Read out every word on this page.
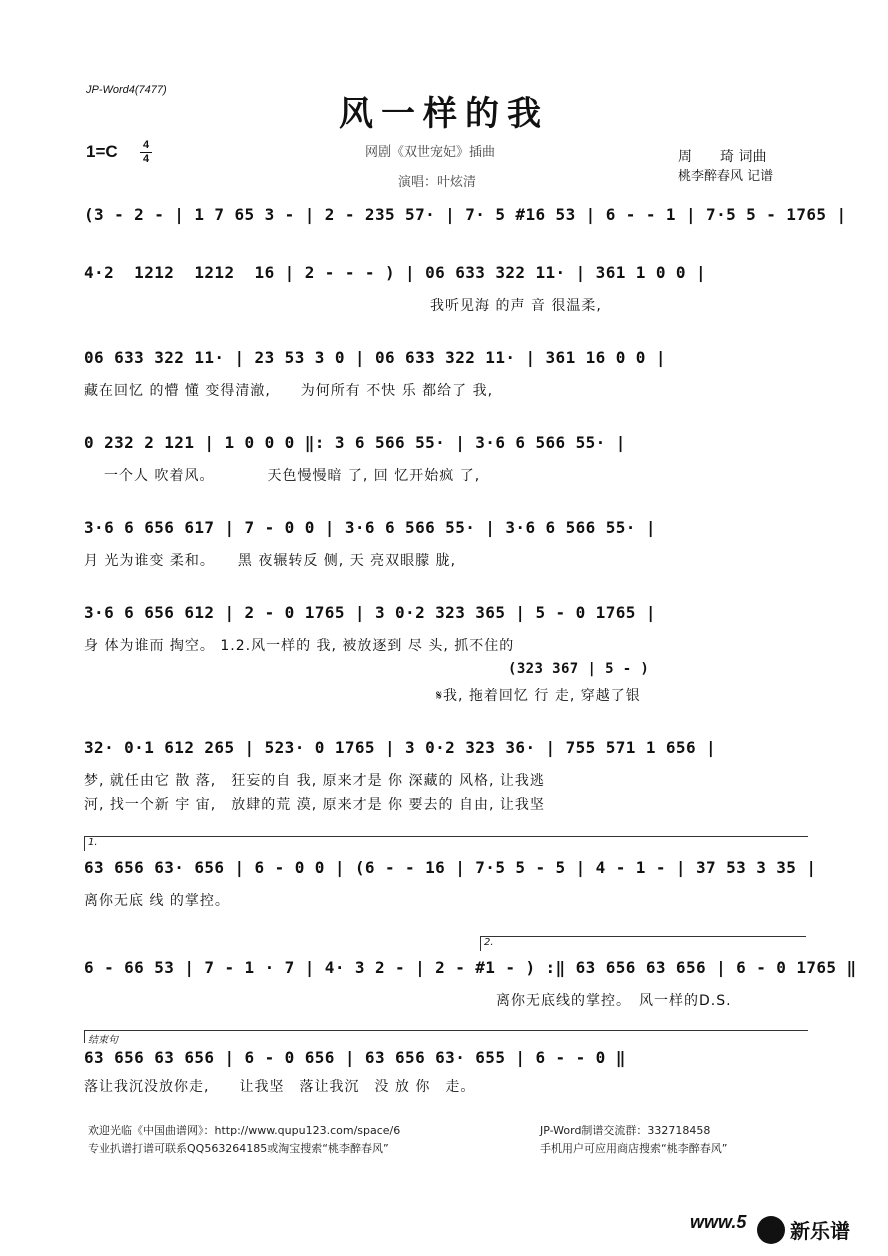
JP-Word4(7477)
风一样的我
1=C 4
4	网剧《双世宠妃》插曲
演唱：叶炫清
周　　琦 词曲
桃李醉春风 记谱
(3 - 2 - | 1 7 65 3 - | 2 - 235 57· | 7· 5 #16 53 | 6 - - 1 | 7·5 5 - 1765 |
4·2  1212  1212  16 | 2 - - - ) | 06 633 322 11· | 361 1 0 0 |
我听见海 的声 音 很温柔,
06 633 322 11· | 23 53 3 0 | 06 633 322 11· | 361 16 0 0 |
藏在回忆 的懵 懂 变得清澈,　　为何所有 不快 乐 都给了 我,
0 232 2 121 | 1 0 0 0 ‖: 3 6 566 55· | 3·6 6 566 55· |
一个人 吹着风。　　　　天色慢慢暗 了, 回 忆开始疯 了,
3·6 6 656 617 | 7 - 0 0 | 3·6 6 566 55· | 3·6 6 566 55· |
月 光为谁变 柔和。　　黑 夜辗转反 侧, 天 亮双眼朦 胧,
3·6 6 656 612 | 2 - 0 1765 | 3 0·2 323 365 | 5 - 0 1765 |
身 体为谁而 掏空。 1.2.风一样的 我, 被放逐到 尽 头, 抓不住的
(323 367 | 5 - )
𝄋我, 拖着回忆 行 走, 穿越了银
32· 0·1 612 265 | 523· 0 1765 | 3 0·2 323 36· | 755 571 1 656 |
梦, 就任由它 散 落,　狂妄的自 我, 原来才是 你 深藏的 风格, 让我逃
河, 找一个新 宇 宙,　放肆的荒 漠, 原来才是 你 要去的 自由, 让我坚
1.
63 656 63· 656 | 6 - 0 0 | (6 - - 16 | 7·5 5 - 5 | 4 - 1 - | 37 53 3 35 |
离你无底 线 的掌控。
2.
6 - 66 53 | 7 - 1 · 7 | 4· 3 2 - | 2 - #1 - ) :‖ 63 656 63 656 | 6 - 0 1765 ‖
离你无底线的掌控。　风一样的D.S.
结束句
63 656 63 656 | 6 - 0 656 | 63 656 63· 655 | 6 - - 0 ‖
落让我沉没放你走,　　让我坚　落让我沉　没 放 你　走。
欢迎光临《中国曲谱网》：http://www.qupu123.com/space/6
专业扒谱打谱可联系QQ563264185或淘宝搜索“桃李醉春风”
JP-Word制谱交流群：332718458
手机用户可应用商店搜索“桃李醉春风”
www.5 新乐谱
